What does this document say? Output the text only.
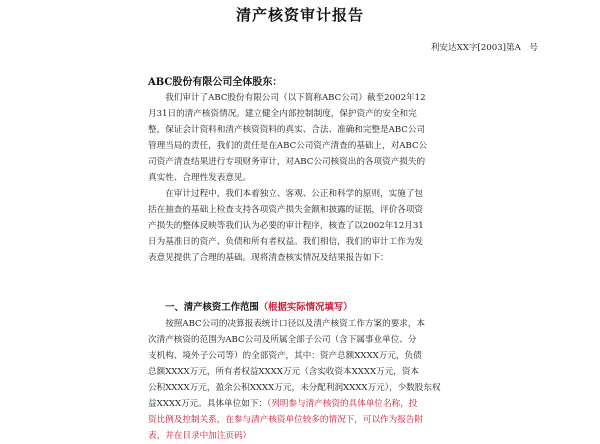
清产核资审计报告
利安达XX字[2003]第A　号
ABC股份有限公司全体股东：

　　我们审计了ABC股份有限公司（以下简称ABC公司）截至2002年12
月31日的清产核资情况。建立健全内部控制制度，保护资产的安全和完
整，保证会计资料和清产核资资料的真实、合法、准确和完整是ABC公司
管理当局的责任，我们的责任是在ABC公司资产清查的基础上，对ABC公
司资产清查结果进行专项财务审计，对ABC公司核资出的各项资产损失的
真实性、合理性发表意见。

　　在审计过程中，我们本着独立、客观、公正和科学的原则，实施了包
括在抽查的基础上检查支持各项资产损失金额和披露的证据，评价各项资
产损失的整体反映等我们认为必要的审计程序，核查了以2002年12月31
日为基准日的资产、负债和所有者权益。我们相信，我们的审计工作为发
表意见提供了合理的基础。现将清查核实情况及结果报告如下：

一、清产核资工作范围（根据实际情况填写）

　　按照ABC公司的决算报表统计口径以及清产核资工作方案的要求，本
次清产核资的范围为ABC公司及所属全部子公司（含下属事业单位、分
支机构、境外子公司等）的全部资产，其中：资产总额XXXX万元，负债
总额XXXX万元，所有者权益XXXX万元（含实收资本XXXX万元，资本
公积XXXX万元，盈余公积XXXX万元，未分配利润XXXX万元），少数股东权
益XXXX万元。具体单位如下：（列明参与清产核资的具体单位名称，投
资比例及控制关系，在参与清产核资单位较多的情况下，可以作为报告附
表，并在目录中加注页码）
